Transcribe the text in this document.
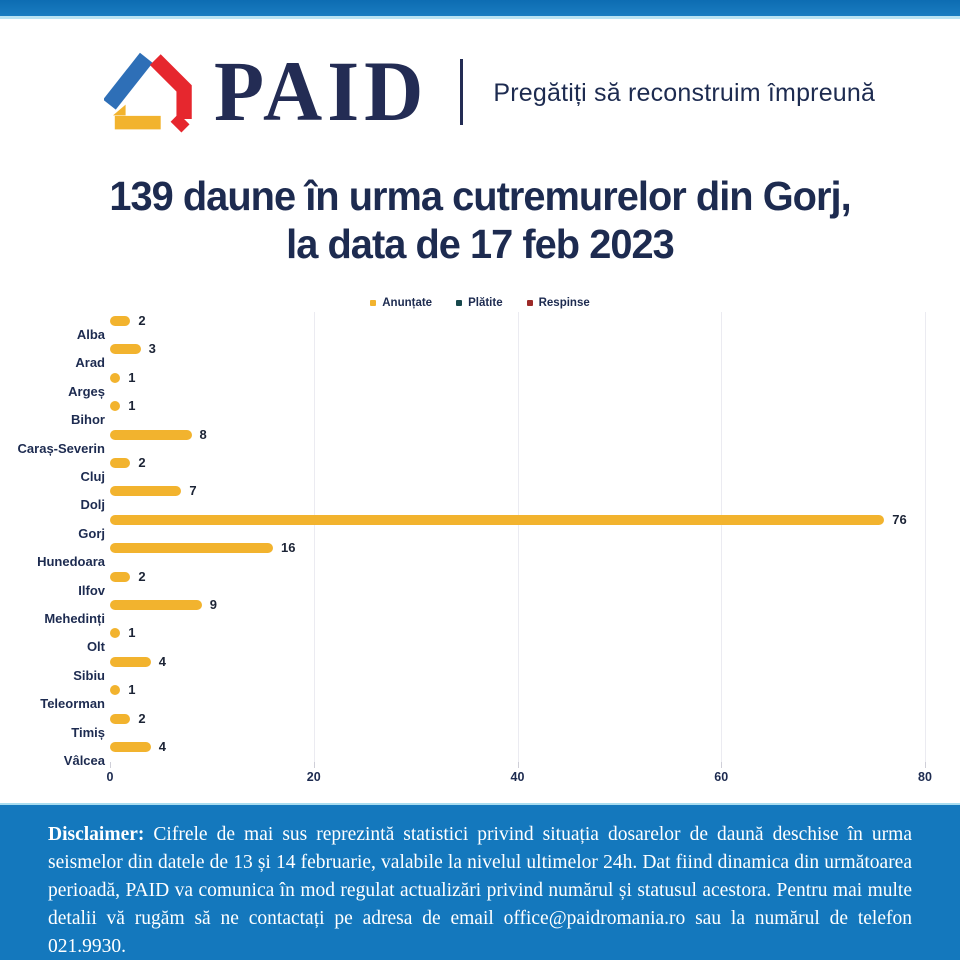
PAID	Pregătiți să reconstruim împreună
139 daune în urma cutremurelor din Gorj,
la data de 17 feb 2023
Anunțate	Plătite	Respinse
0	20	40	60	80
Alba
2
Arad
3
Argeș
1
Bihor
1
Caraș-Severin
8
Cluj
2
Dolj
7
Gorj
76
Hunedoara
16
Ilfov
2
Mehedinți
9
Olt
1
Sibiu
4
Teleorman
1
Timiș
2
Vâlcea
4
Disclaimer: Cifrele de mai sus reprezintă statistici privind situația dosarelor de daună deschise în urma seismelor din datele de 13 și 14 februarie, valabile la nivelul ultimelor 24h. Dat fiind dinamica din următoarea perioadă, PAID va comunica în mod regulat actualizări privind numărul și statusul acestora. Pentru mai multe detalii vă rugăm să ne contactați pe adresa de email office@paidromania.ro sau la numărul de telefon 021.9930.
